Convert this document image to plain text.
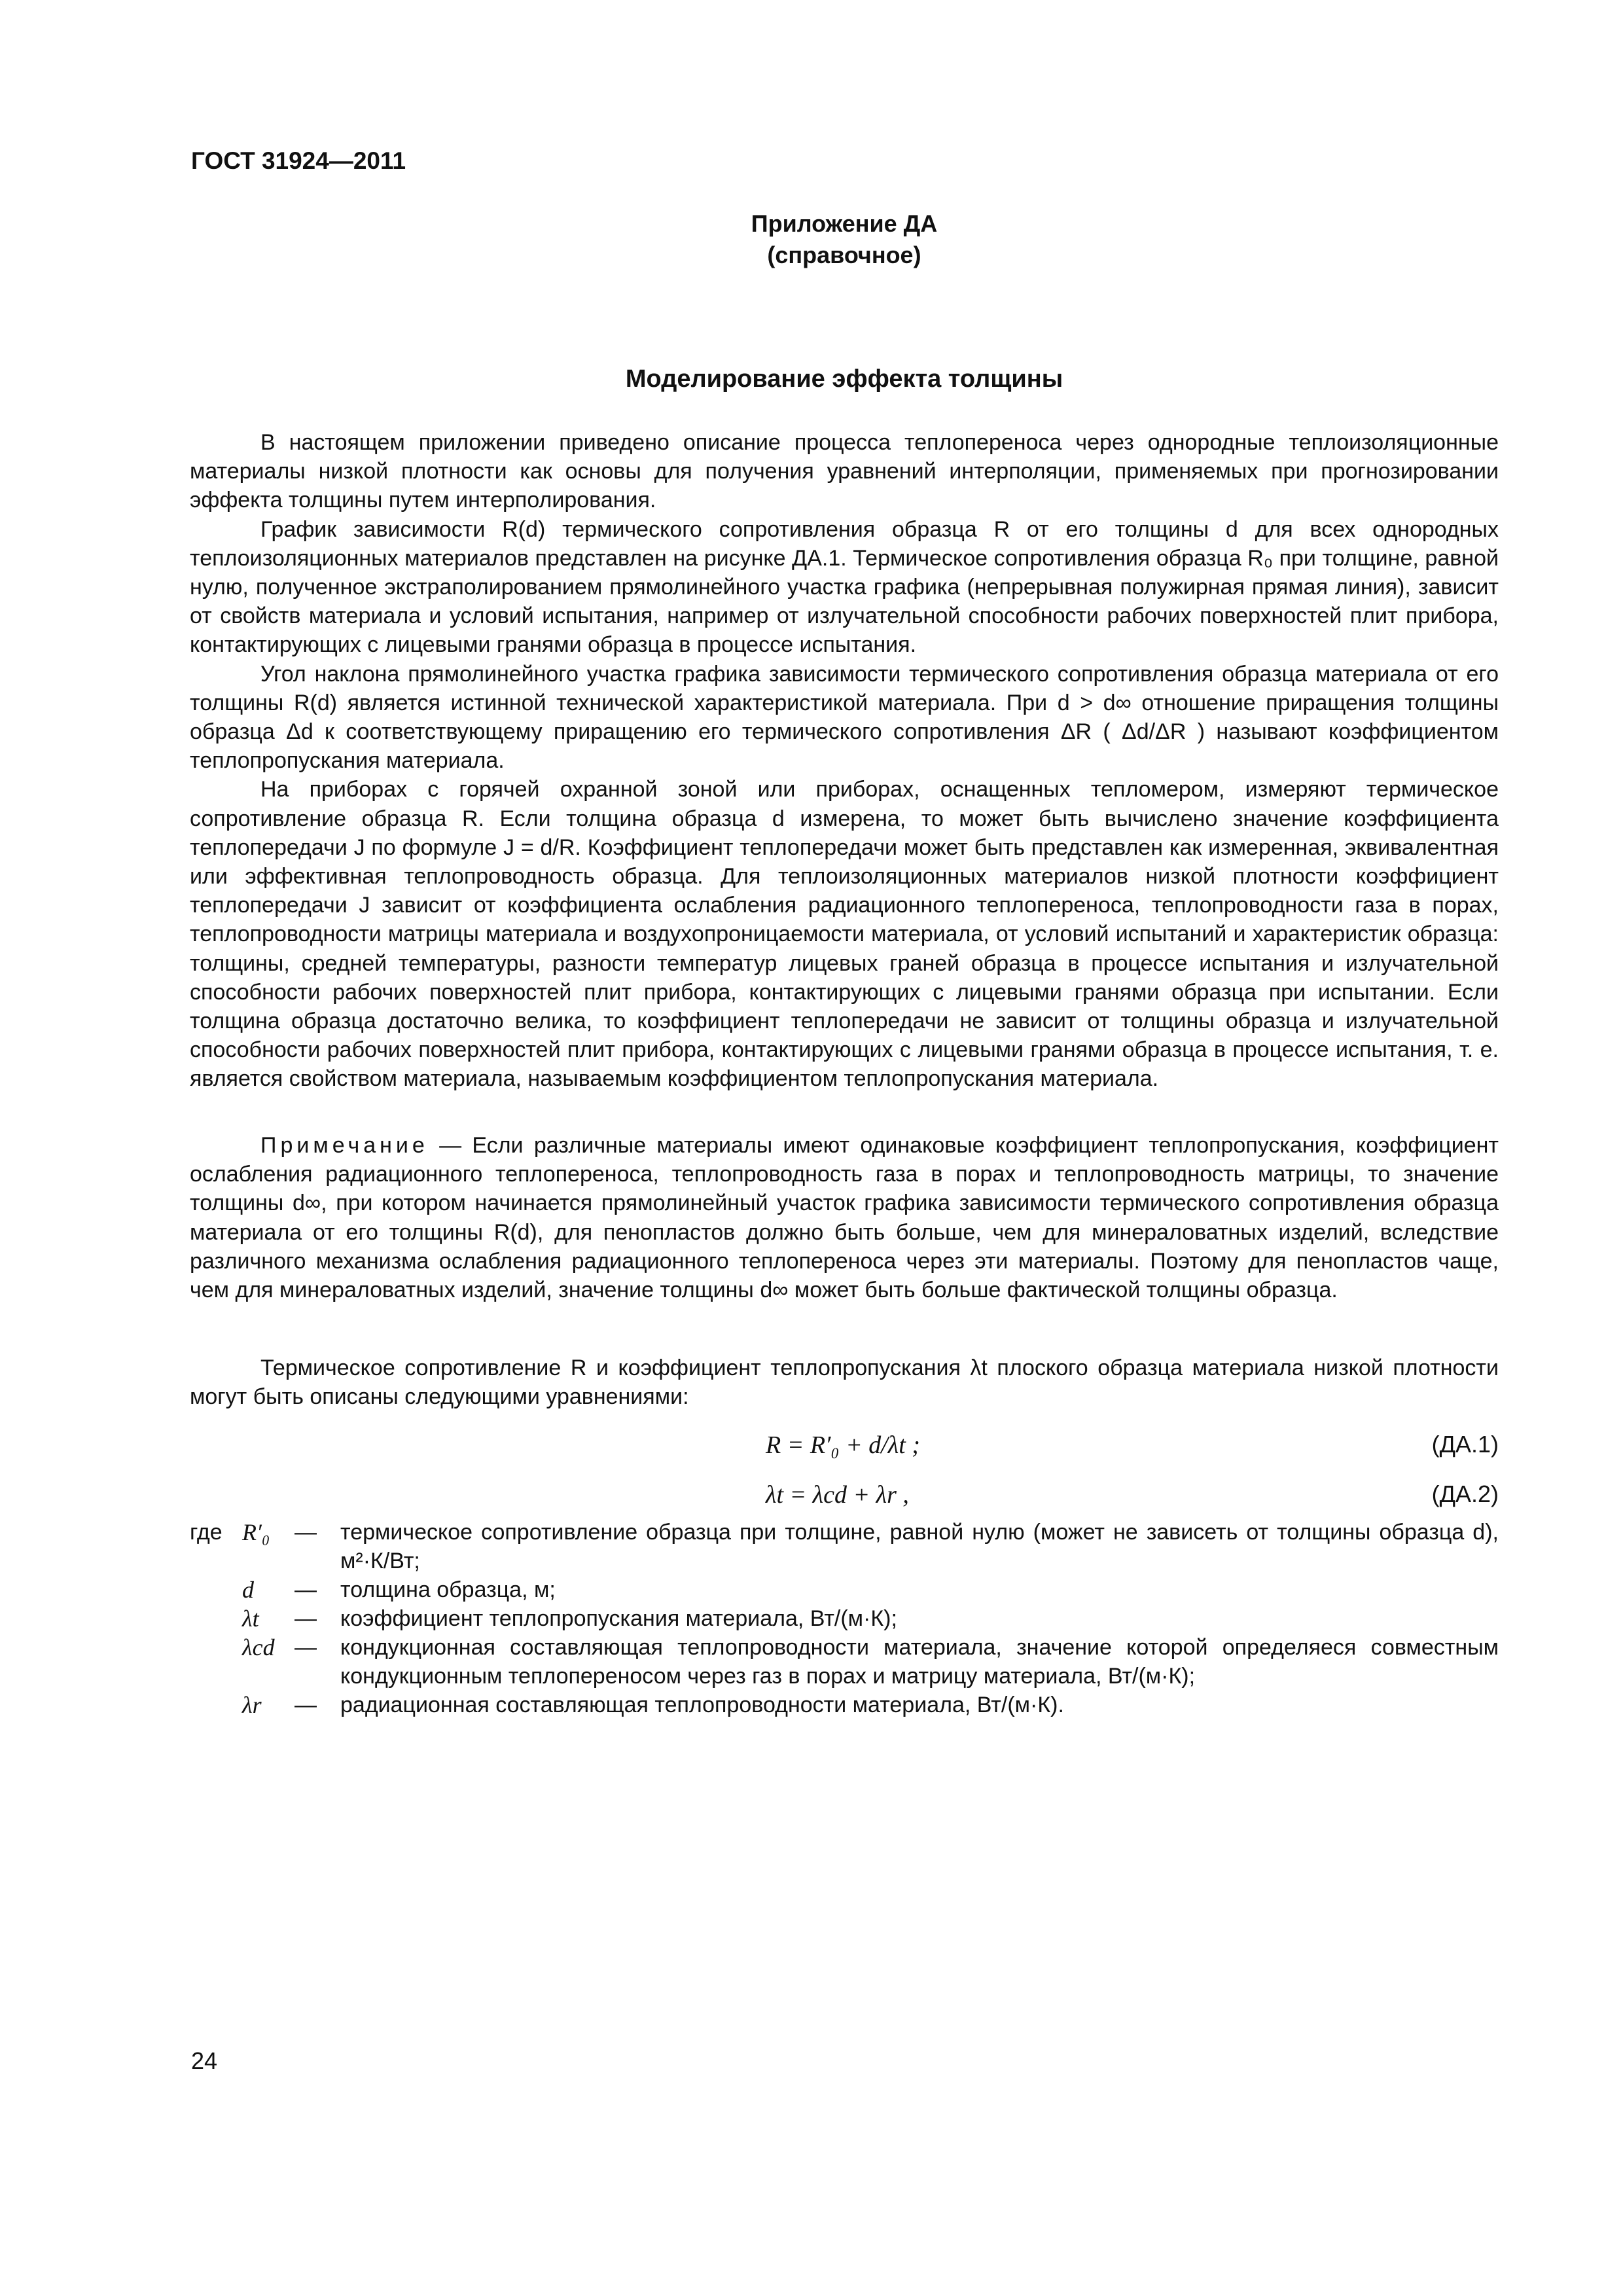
ГОСТ 31924—2011
Приложение ДА
(справочное)
Моделирование эффекта толщины

В настоящем приложении приведено описание процесса теплопереноса через однородные теплоизоляционные материалы низкой плотности как основы для получения уравнений интерполяции, применяемых при прогнозировании эффекта толщины путем интерполирования.

График зависимости R(d) термического сопротивления образца R от его толщины d для всех однородных теплоизоляционных материалов представлен на рисунке ДА.1. Термическое сопротивления образца R₀ при толщине, равной нулю, полученное экстраполированием прямолинейного участка графика (непрерывная полужирная прямая линия), зависит от свойств материала и условий испытания, например от излучательной способности рабочих поверхностей плит прибора, контактирующих с лицевыми гранями образца в процессе испытания.

Угол наклона прямолинейного участка графика зависимости термического сопротивления образца материала от его толщины R(d) является истинной технической характеристикой материала. При d > d∞ отношение приращения толщины образца Δd к соответствующему приращению его термического сопротивления ΔR ( Δd/ΔR ) называют коэффициентом теплопропускания материала.

На приборах с горячей охранной зоной или приборах, оснащенных тепломером, измеряют термическое сопротивление образца R. Если толщина образца d измерена, то может быть вычислено значение коэффициента теплопередачи J по формуле J = d/R. Коэффициент теплопередачи может быть представлен как измеренная, эквивалентная или эффективная теплопроводность образца. Для теплоизоляционных материалов низкой плотности коэффициент теплопередачи J зависит от коэффициента ослабления радиационного теплопереноса, теплопроводности газа в порах, теплопроводности матрицы материала и воздухопроницаемости материала, от условий испытаний и характеристик образца: толщины, средней температуры, разности температур лицевых граней образца в процессе испытания и излучательной способности рабочих поверхностей плит прибора, контактирующих с лицевыми гранями образца при испытании. Если толщина образца достаточно велика, то коэффициент теплопередачи не зависит от толщины образца и излучательной способности рабочих поверхностей плит прибора, контактирующих с лицевыми гранями образца в процессе испытания, т. е. является свойством материала, называемым коэффициентом теплопропускания материала.

Примечание — Если различные материалы имеют одинаковые коэффициент теплопропускания, коэффициент ослабления радиационного теплопереноса, теплопроводность газа в порах и теплопроводность матрицы, то значение толщины d∞, при котором начинается прямолинейный участок графика зависимости термического сопротивления образца материала от его толщины R(d), для пенопластов должно быть больше, чем для минераловатных изделий, вследствие различного механизма ослабления радиационного теплопереноса через эти материалы. Поэтому для пенопластов чаще, чем для минераловатных изделий, значение толщины d∞ может быть больше фактической толщины образца.

Термическое сопротивление R и коэффициент теплопропускания λt плоского образца материала низкой плотности могут быть описаны следующими уравнениями:

R = R′₀ + d/λt ;	(ДА.1)
λt = λcd + λr ,	(ДА.2)
где R′₀	—	термическое сопротивление образца при толщине, равной нулю (может не зависеть от толщины образца d), м²·К/Вт;
d	—	толщина образца, м;
λt	—	коэффициент теплопропускания материала, Вт/(м·К);
λcd —	кондукционная составляющая теплопроводности материала, значение которой определяеся совместным кондукционным теплопереносом через газ в порах и матрицу материала, Вт/(м·К);
λr	—	радиационная составляющая теплопроводности материала, Вт/(м·К).
24
